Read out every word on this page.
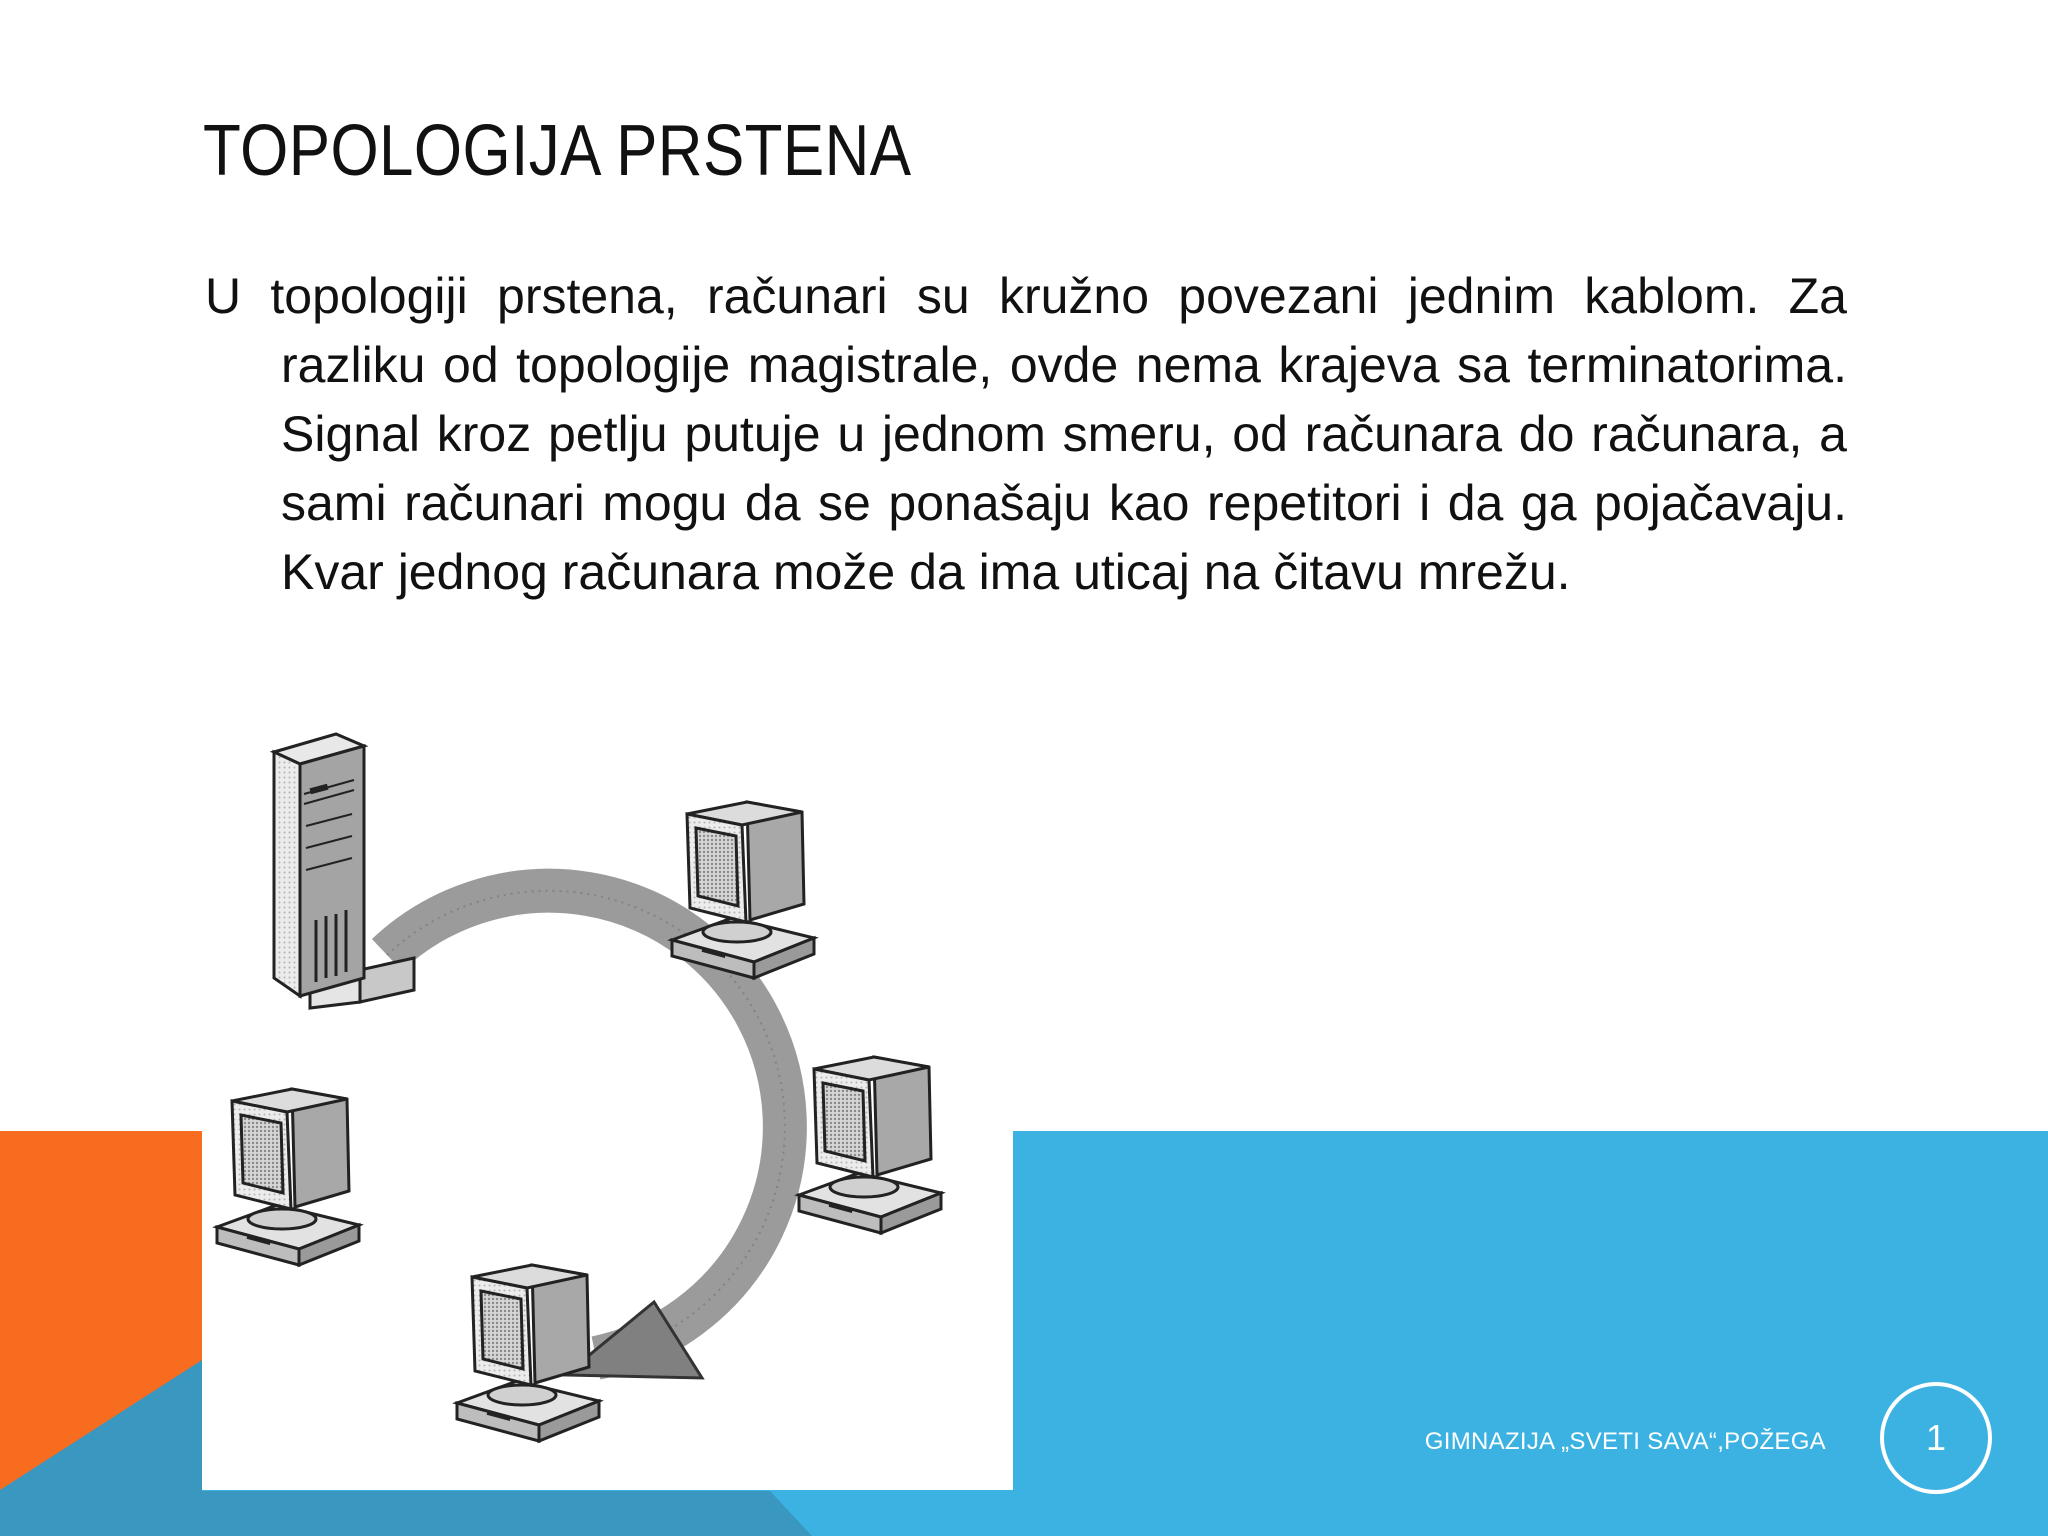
TOPOLOGIJA PRSTENA

U topologiji prstena, računari su kružno povezani jednim kablom. Za razliku od topologije magistrale, ovde nema krajeva sa terminatorima. Signal kroz petlju putuje u jednom smeru, od računara do računara, a sami računari mogu da se ponašaju kao repetitori i da ga pojačavaju. Kvar jednog računara može da ima uticaj na čitavu mrežu.

GIMNAZIJA „SVETI SAVA“,POŽEGA	1
